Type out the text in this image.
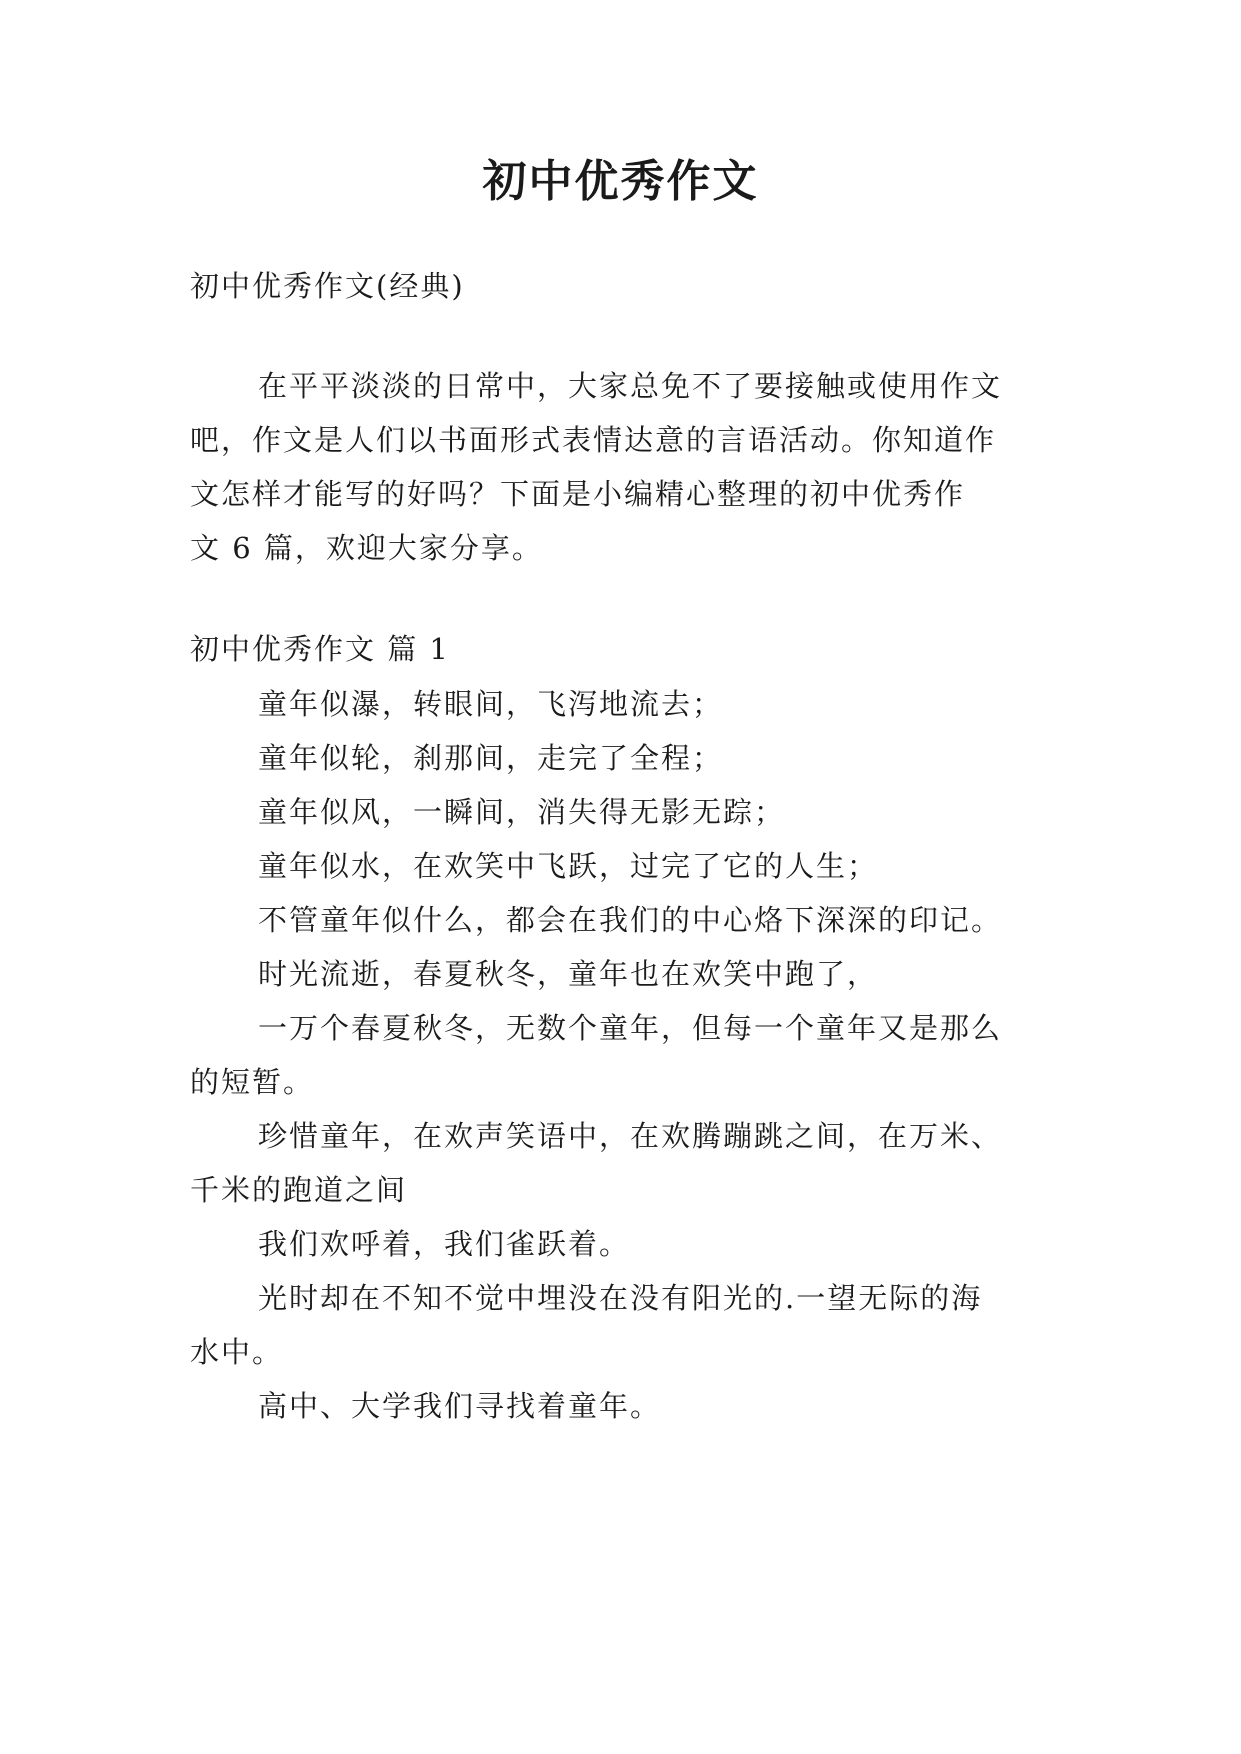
初中优秀作文
初中优秀作文(经典)
在平平淡淡的日常中，大家总免不了要接触或使用作文
吧，作文是人们以书面形式表情达意的言语活动。你知道作
文怎样才能写的好吗？下面是小编精心整理的初中优秀作
文 6 篇，欢迎大家分享。
初中优秀作文 篇 1
童年似瀑，转眼间，飞泻地流去；
童年似轮，刹那间，走完了全程；
童年似风，一瞬间，消失得无影无踪；
童年似水，在欢笑中飞跃，过完了它的人生；
不管童年似什么，都会在我们的中心烙下深深的印记。
时光流逝，春夏秋冬，童年也在欢笑中跑了，
一万个春夏秋冬，无数个童年，但每一个童年又是那么
的短暂。
珍惜童年，在欢声笑语中，在欢腾蹦跳之间，在万米、
千米的跑道之间
我们欢呼着，我们雀跃着。
光时却在不知不觉中埋没在没有阳光的.一望无际的海
水中。
高中、大学我们寻找着童年。
